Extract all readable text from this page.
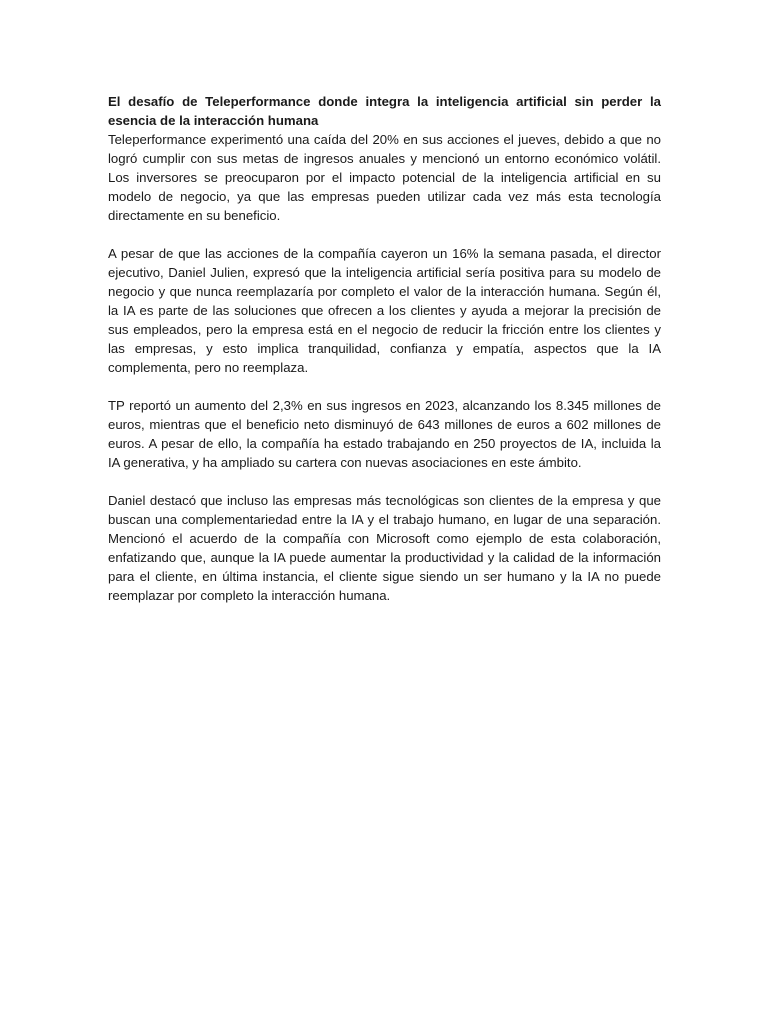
El desafío de Teleperformance donde integra la inteligencia artificial sin perder la esencia de la interacción humana

Teleperformance experimentó una caída del 20% en sus acciones el jueves, debido a que no logró cumplir con sus metas de ingresos anuales y mencionó un entorno económico volátil. Los inversores se preocuparon por el impacto potencial de la inteligencia artificial en su modelo de negocio, ya que las empresas pueden utilizar cada vez más esta tecnología directamente en su beneficio.

A pesar de que las acciones de la compañía cayeron un 16% la semana pasada, el director ejecutivo, Daniel Julien, expresó que la inteligencia artificial sería positiva para su modelo de negocio y que nunca reemplazaría por completo el valor de la interacción humana. Según él, la IA es parte de las soluciones que ofrecen a los clientes y ayuda a mejorar la precisión de sus empleados, pero la empresa está en el negocio de reducir la fricción entre los clientes y las empresas, y esto implica tranquilidad, confianza y empatía, aspectos que la IA complementa, pero no reemplaza.

TP reportó un aumento del 2,3% en sus ingresos en 2023, alcanzando los 8.345 millones de euros, mientras que el beneficio neto disminuyó de 643 millones de euros a 602 millones de euros. A pesar de ello, la compañía ha estado trabajando en 250 proyectos de IA, incluida la IA generativa, y ha ampliado su cartera con nuevas asociaciones en este ámbito.

Daniel destacó que incluso las empresas más tecnológicas son clientes de la empresa y que buscan una complementariedad entre la IA y el trabajo humano, en lugar de una separación. Mencionó el acuerdo de la compañía con Microsoft como ejemplo de esta colaboración, enfatizando que, aunque la IA puede aumentar la productividad y la calidad de la información para el cliente, en última instancia, el cliente sigue siendo un ser humano y la IA no puede reemplazar por completo la interacción humana.
